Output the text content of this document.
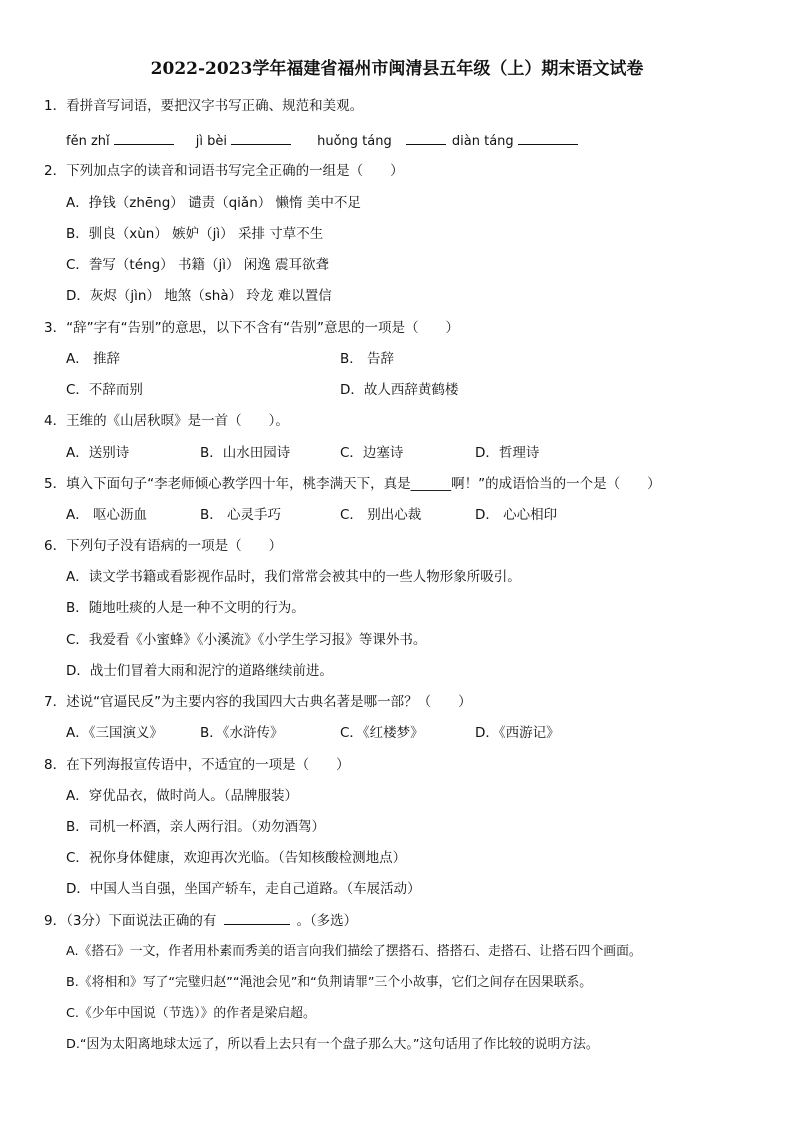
2022-2023学年福建省福州市闽清县五年级（上）期末语文试卷
1．看拼音写词语，要把汉字书写正确、规范和美观。
fěn zhǐ	jì bèi	huǒng táng	diàn táng
2．下列加点字的读音和词语书写完全正确的一组是（　　）
A．挣钱（zhēng） 谴责（qiǎn） 懒惰 美中不足
B．驯良（xùn） 嫉妒（jì） 采排 寸草不生
C．誊写（téng） 书籍（jì） 闲逸 震耳欲聋
D．灰烬（jìn） 地煞（shà） 玲龙 难以置信
3．“辞”字有“告别”的意思，以下不含有“告别”意思的一项是（　　）
A． 推辞	B． 告辞
C．不辞而别	D．故人西辞黄鹤楼
4．王维的《山居秋暝》是一首（　　）。
A．送别诗	B．山水田园诗	C．边塞诗	D．哲理诗
5．填入下面句子“李老师倾心教学四十年，桃李满天下，真是______啊！”的成语恰当的一个是（　　）
A． 呕心沥血	B． 心灵手巧	C． 别出心裁	D． 心心相印
6．下列句子没有语病的一项是（　　）
A．读文学书籍或看影视作品时，我们常常会被其中的一些人物形象所吸引。
B．随地吐痰的人是一种不文明的行为。
C．我爱看《小蜜蜂》《小溪流》《小学生学习报》等课外书。
D．战士们冒着大雨和泥泞的道路继续前进。
7．述说“官逼民反”为主要内容的我国四大古典名著是哪一部？（　　）
A．《三国演义》	B．《水浒传》	C．《红楼梦》	D．《西游记》
8．在下列海报宣传语中，不适宜的一项是（　　）
A．穿优品衣，做时尚人。（品牌服装）
B．司机一杯酒，亲人两行泪。（劝勿酒驾）
C．祝你身体健康，欢迎再次光临。（告知核酸检测地点）
D．中国人当自强，坐国产轿车，走自己道路。（车展活动）
9．（3分）下面说法正确的有	。（多选）
A.《搭石》一文，作者用朴素而秀美的语言向我们描绘了摆搭石、搭搭石、走搭石、让搭石四个画面。
B.《将相和》写了“完璧归赵”“渑池会见”和“负荆请罪”三个小故事，它们之间存在因果联系。
C.《少年中国说（节选）》的作者是梁启超。
D.“因为太阳离地球太远了，所以看上去只有一个盘子那么大。”这句话用了作比较的说明方法。
